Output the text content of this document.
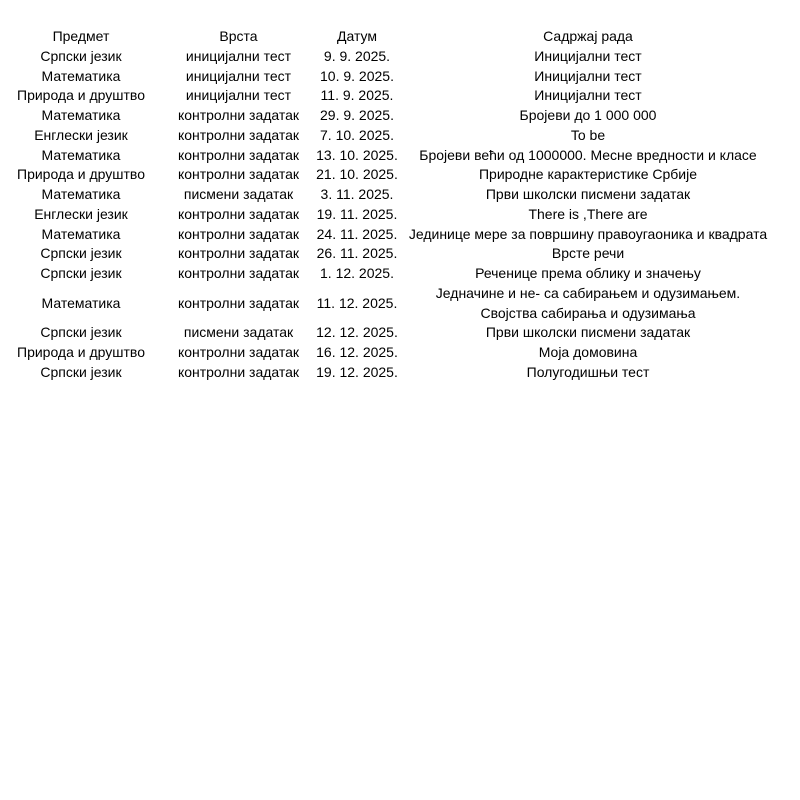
Предмет	Врста	Датум	Садржај рада
Српски језик	иницијални тест	9. 9. 2025.	Иницијални тест
Математика	иницијални тест	10. 9. 2025.	Иницијални тест
Природа и друштво	иницијални тест	11. 9. 2025.	Иницијални тест
Математика	контролни задатак	29. 9. 2025.	Бројеви до 1 000 000
Енглески језик	контролни задатак	7. 10. 2025.	To be
Математика	контролни задатак	13. 10. 2025.	Бројеви већи од 1000000. Месне вредности и класе
Природа и друштво	контролни задатак	21. 10. 2025.	Природне карактеристике Србије
Математика	писмени задатак	3. 11. 2025.	Први школски писмени задатак
Енглески језик	контролни задатак	19. 11. 2025.	There is ,There are
Математика	контролни задатак	24. 11. 2025.	Јединице мере за површину правоугаоника и квадрата
Српски језик	контролни задатак	26. 11. 2025.	Врсте речи
Српски језик	контролни задатак	1. 12. 2025.	Реченице према облику и значењу
Математика	контролни задатак	11. 12. 2025.	Једначине и не- са сабирањем и одузимањем.
Својства сабирања и одузимања

Српски језик	писмени задатак	12. 12. 2025.	Први школски писмени задатак
Природа и друштво	контролни задатак	16. 12. 2025.	Моја домовина
Српски језик	контролни задатак	19. 12. 2025.	Полугодишњи тест
